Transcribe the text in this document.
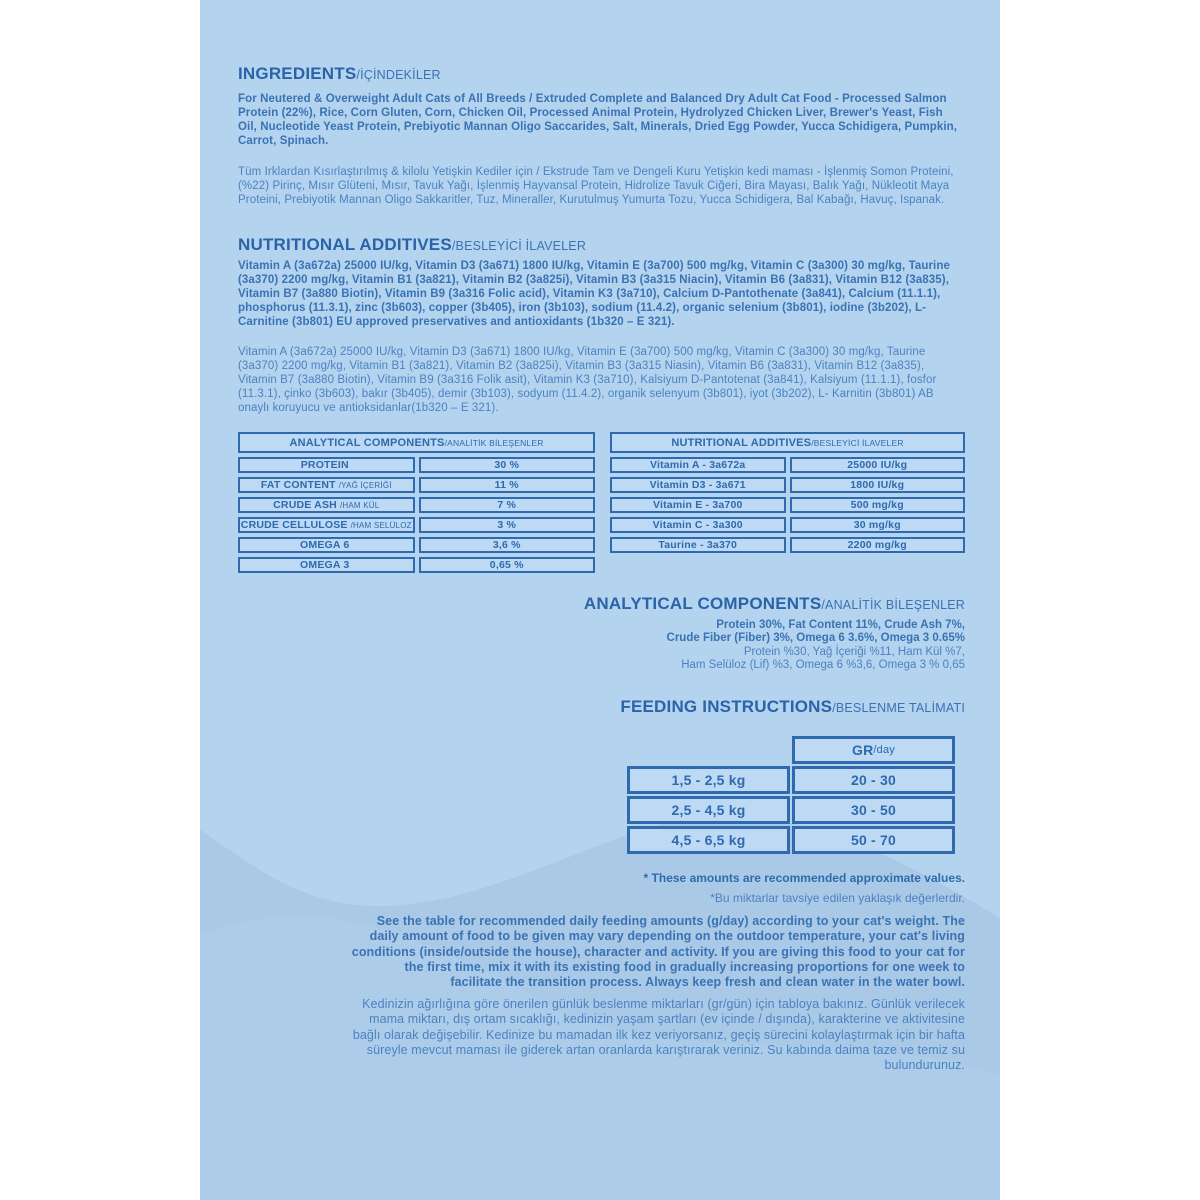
INGREDIENTS/İÇİNDEKİLER
For Neutered & Overweight Adult Cats of All Breeds / Extruded Complete and Balanced Dry Adult Cat Food - Processed Salmon Protein (22%), Rice, Corn Gluten, Corn, Chicken Oil, Processed Animal Protein, Hydrolyzed Chicken Liver, Brewer's Yeast, Fish Oil, Nucleotide Yeast Protein, Prebiyotic Mannan Oligo Saccarides, Salt, Minerals, Dried Egg Powder, Yucca Schidigera, Pumpkin, Carrot, Spinach.
Tüm Irklardan Kısırlaştırılmış & kilolu Yetişkin Kediler için / Ekstrude Tam ve Dengeli Kuru Yetişkin kedi maması - İşlenmiş Somon Proteini, (%22) Pirinç, Mısır Glüteni, Mısır, Tavuk Yağı, İşlenmiş Hayvansal Protein, Hidrolize Tavuk Ciğeri, Bira Mayası, Balık Yağı, Nükleotit Maya Proteini, Prebiyotik Mannan Oligo Sakkaritler, Tuz, Mineraller, Kurutulmuş Yumurta Tozu, Yucca Schidigera, Bal Kabağı, Havuç, Ispanak.
NUTRITIONAL ADDITIVES/BESLEYİCİ İLAVELER
Vitamin A (3a672a) 25000 IU/kg, Vitamin D3 (3a671) 1800 IU/kg, Vitamin E (3a700) 500 mg/kg, Vitamin C (3a300) 30 mg/kg, Taurine (3a370) 2200 mg/kg, Vitamin B1 (3a821), Vitamin B2 (3a825i), Vitamin B3 (3a315 Niacin), Vitamin B6 (3a831), Vitamin B12 (3a835), Vitamin B7 (3a880 Biotin), Vitamin B9 (3a316 Folic acid), Vitamin K3 (3a710), Calcium D-Pantothenate (3a841), Calcium (11.1.1), phosphorus (11.3.1), zinc (3b603), copper (3b405), iron (3b103), sodium (11.4.2), organic selenium (3b801), iodine (3b202), L-Carnitine (3b801) EU approved preservatives and antioxidants (1b320 – E 321).
Vitamin A (3a672a) 25000 IU/kg, Vitamin D3 (3a671) 1800 IU/kg, Vitamin E (3a700) 500 mg/kg, Vitamin C (3a300) 30 mg/kg, Taurine (3a370) 2200 mg/kg, Vitamin B1 (3a821), Vitamin B2 (3a825i), Vitamin B3 (3a315 Niasin), Vitamin B6 (3a831), Vitamin B12 (3a835), Vitamin B7 (3a880 Biotin), Vitamin B9 (3a316 Folik asit), Vitamin K3 (3a710), Kalsiyum D-Pantotenat (3a841), Kalsiyum (11.1.1), fosfor (11.3.1), çinko (3b603), bakır (3b405), demir (3b103), sodyum (11.4.2), organik selenyum (3b801), iyot (3b202), L- Karnitin (3b801) AB onaylı koruyucu ve antioksidanlar(1b320 – E 321).
ANALYTICAL COMPONENTS /ANALİTİK BİLEŞENLER
PROTEIN	30 %
FAT CONTENT /YAĞ İÇERİĞİ	11 %
CRUDE ASH /HAM KÜL	7 %
CRUDE CELLULOSE /HAM SELÜLOZ	3 %
OMEGA 6	3,6 %
OMEGA 3	0,65 %
NUTRITIONAL ADDITIVES /BESLEYİCİ İLAVELER
Vitamin A - 3a672a	25000 IU/kg
Vitamin D3 - 3a671	1800 IU/kg
Vitamin E - 3a700	500 mg/kg
Vitamin C - 3a300	30 mg/kg
Taurine - 3a370	2200 mg/kg
ANALYTICAL COMPONENTS/ANALİTİK BİLEŞENLER
Protein 30%, Fat Content 11%, Crude Ash 7%,
Crude Fiber (Fiber) 3%, Omega 6 3.6%, Omega 3 0.65%
Protein %30, Yağ İçeriği %11, Ham Kül %7,
Ham Selüloz (Lif) %3, Omega 6 %3,6, Omega 3 % 0,65
FEEDING INSTRUCTIONS/BESLENME TALİMATI
GR /day
1,5 - 2,5 kg	20 - 30
2,5 - 4,5 kg	30 - 50
4,5 - 6,5 kg	50 - 70
* These amounts are recommended approximate values.
*Bu miktarlar tavsiye edilen yaklaşık değerlerdir.
See the table for recommended daily feeding amounts (g/day) according to your cat's weight. The daily amount of food to be given may vary depending on the outdoor temperature, your cat's living conditions (inside/outside the house), character and activity. If you are giving this food to your cat for the first time, mix it with its existing food in gradually increasing proportions for one week to facilitate the transition process. Always keep fresh and clean water in the water bowl.
Kedinizin ağırlığına göre önerilen günlük beslenme miktarları (gr/gün) için tabloya bakınız. Günlük verilecek mama miktarı, dış ortam sıcaklığı, kedinizin yaşam şartları (ev içinde / dışında), karakterine ve aktivitesine bağlı olarak değişebilir. Kedinize bu mamadan ilk kez veriyorsanız, geçiş sürecini kolaylaştırmak için bir hafta süreyle mevcut maması ile giderek artan oranlarda karıştırarak veriniz. Su kabında daima taze ve temiz su bulundurunuz.
